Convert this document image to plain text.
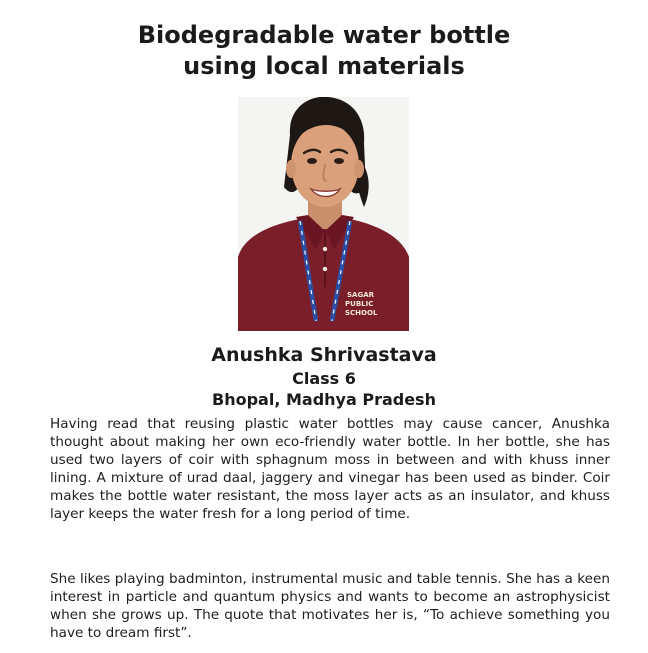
Biodegradable water bottle
using local materials
SAGAR
PUBLIC
SCHOOL
Anushka Shrivastava
Class 6
Bhopal, Madhya Pradesh

Having read that reusing plastic water bottles may cause cancer, Anushka thought about making her own eco-friendly water bottle. In her bottle, she has used two layers of coir with sphagnum moss in between and with khuss inner lining. A mixture of urad daal, jaggery and vinegar has been used as binder. Coir makes the bottle water resistant, the moss layer acts as an insulator, and khuss layer keeps the water fresh for a long period of time.

She likes playing badminton, instrumental music and table tennis. She has a keen interest in particle and quantum physics and wants to become an astrophysicist when she grows up. The quote that motivates her is, “To achieve something you have to dream first”.
